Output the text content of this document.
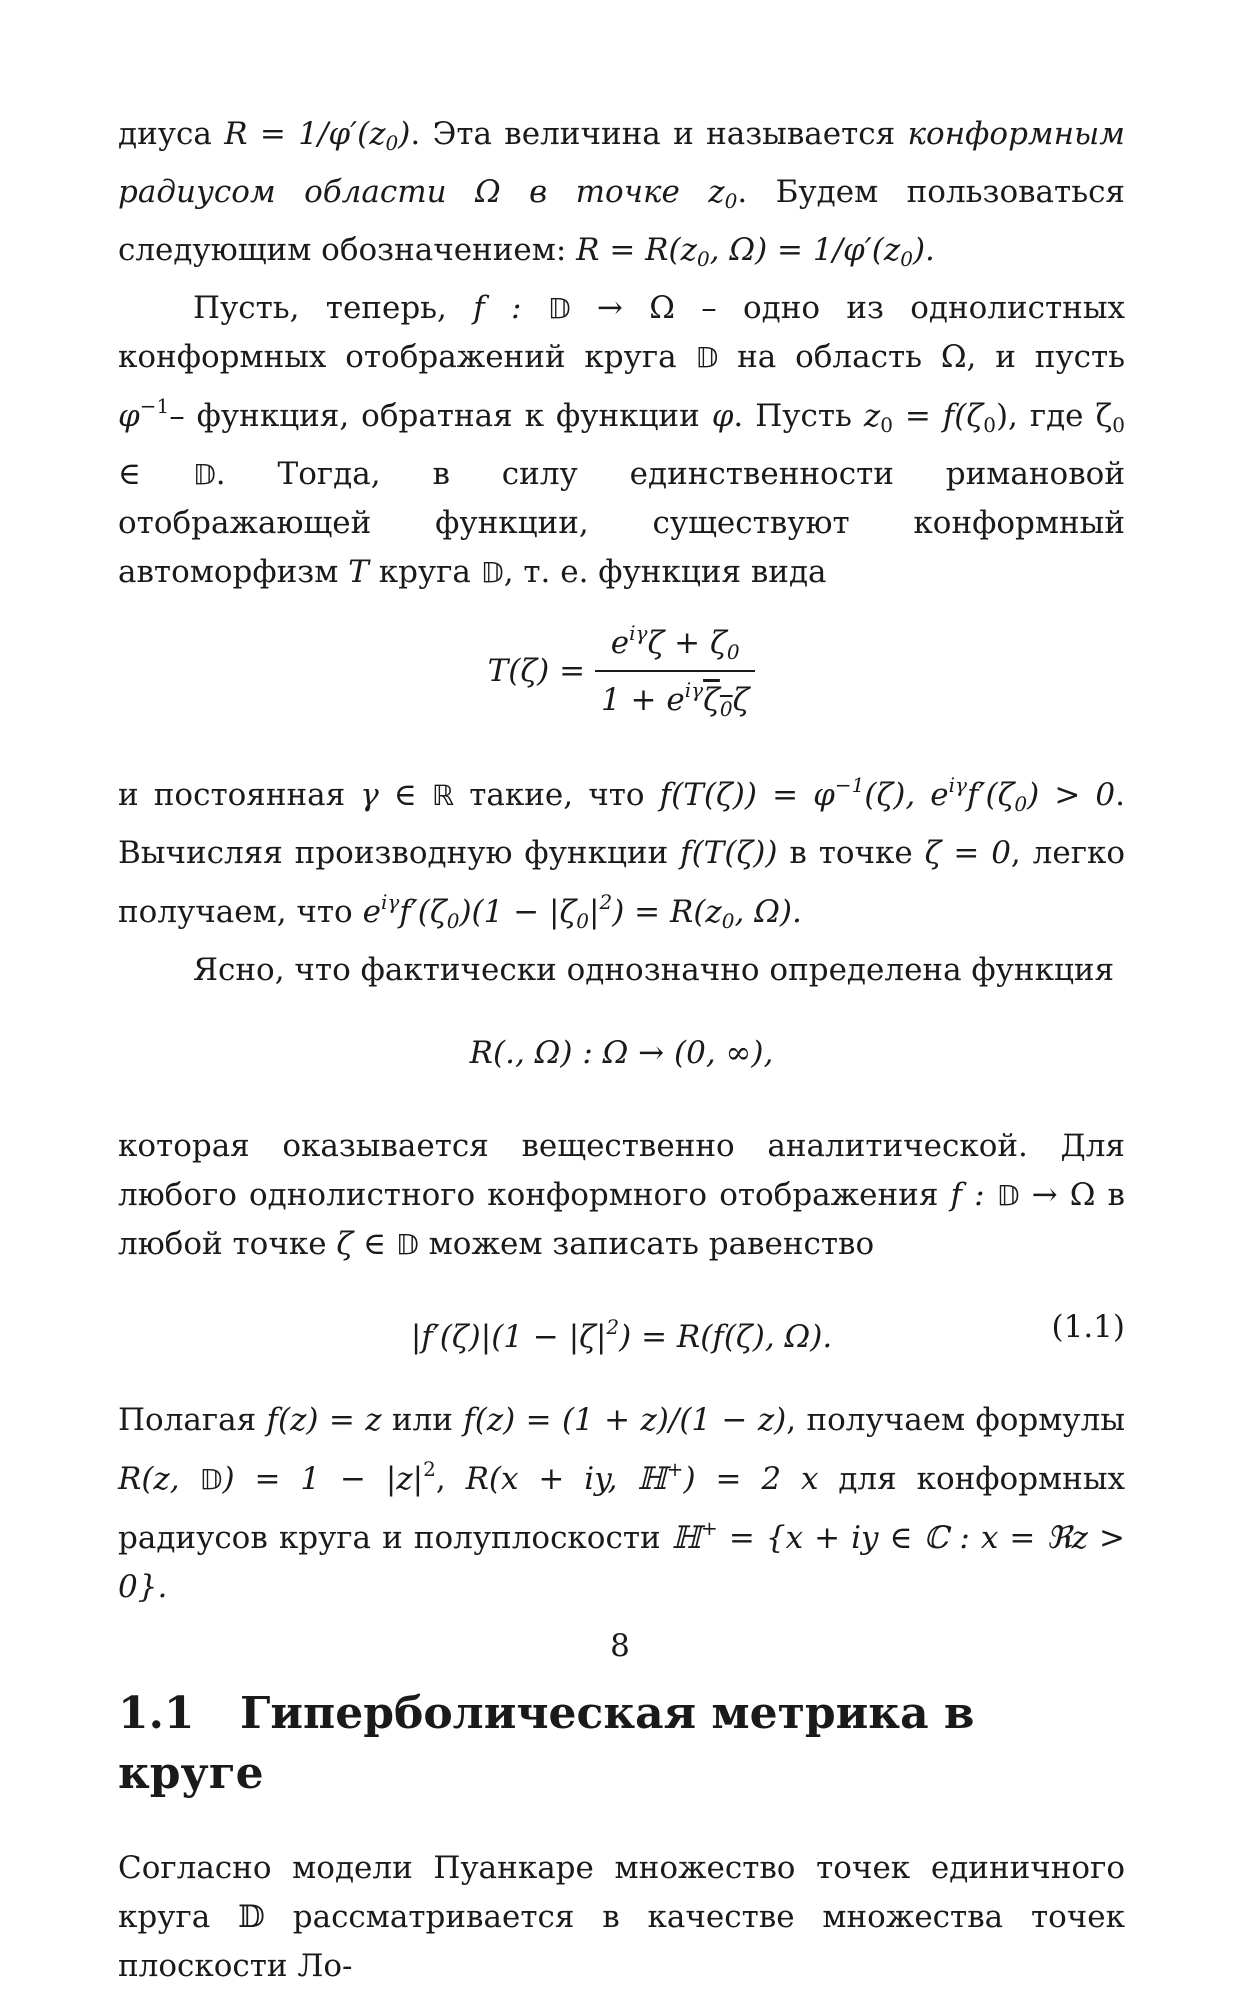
диуса $R = 1/\varphi'(z_0)$. Эта величина и называется конформным радиусом области Ω в точке $z_0$. Будем пользоваться следующим обозначением: $R = R(z_0$, $\Omega) = 1/\varphi'(z_0)$.

Пусть, теперь, f : 𝔻 → Ω – одно из однолистных конформных отображений круга 𝔻 на область Ω, и пусть $\varphi^{-1}-$ функция, обратная к функции φ. Пусть $z_0 = f(\zeta_0)$, где $\zeta_0$ ∈ 𝔻. Тогда, в силу единственности римановой отображающей функции, существуют конформный автоморфизм T круга 𝔻, т. е. функция вида

$T(\zeta) = \frac{e^{i\gamma}\zeta + \zeta_0}{1 + e^{i\gamma}\overline{\zeta}_0\zeta}$

и постоянная γ ∈ ℝ такие, что $f(T(\zeta)) = \varphi^{-1}(\zeta)$, $e^{i\gamma}f'(\zeta_0) > 0$. Вычисляя производную функции f(T(ζ)) в точке ζ = 0, легко получаем, что $e^{i\gamma}f'(\zeta_0)(1 - |\zeta_0|^2) = R(z_0$, Ω).

Ясно, что фактически однозначно определена функция

R(., Ω) : Ω → (0, ∞),

которая оказывается вещественно аналитической. Для любого однолистного конформного отображения f : 𝔻 → Ω в любой точке ζ ∈ 𝔻 можем записать равенство

$|f'(\zeta)|(1 - |\zeta|^2) = R(f(\zeta)$, Ω).	(1.1)

Полагая f(z) = z или f(z) = (1 + z)/(1 − z), получаем формулы R(z, 𝔻) = $1 - |z|^2$, R(x + iy, ℍ+) = 2 x для конформных радиусов круга и полуплоскости ℍ+ = {x + iy ∈ ℂ : x = ℜz > 0}.

1.1 Гиперболическая метрика в круге

Согласно модели Пуанкаре множество точек единичного круга 𝔻 рассматривается в качестве множества точек плоскости Ло-

8
